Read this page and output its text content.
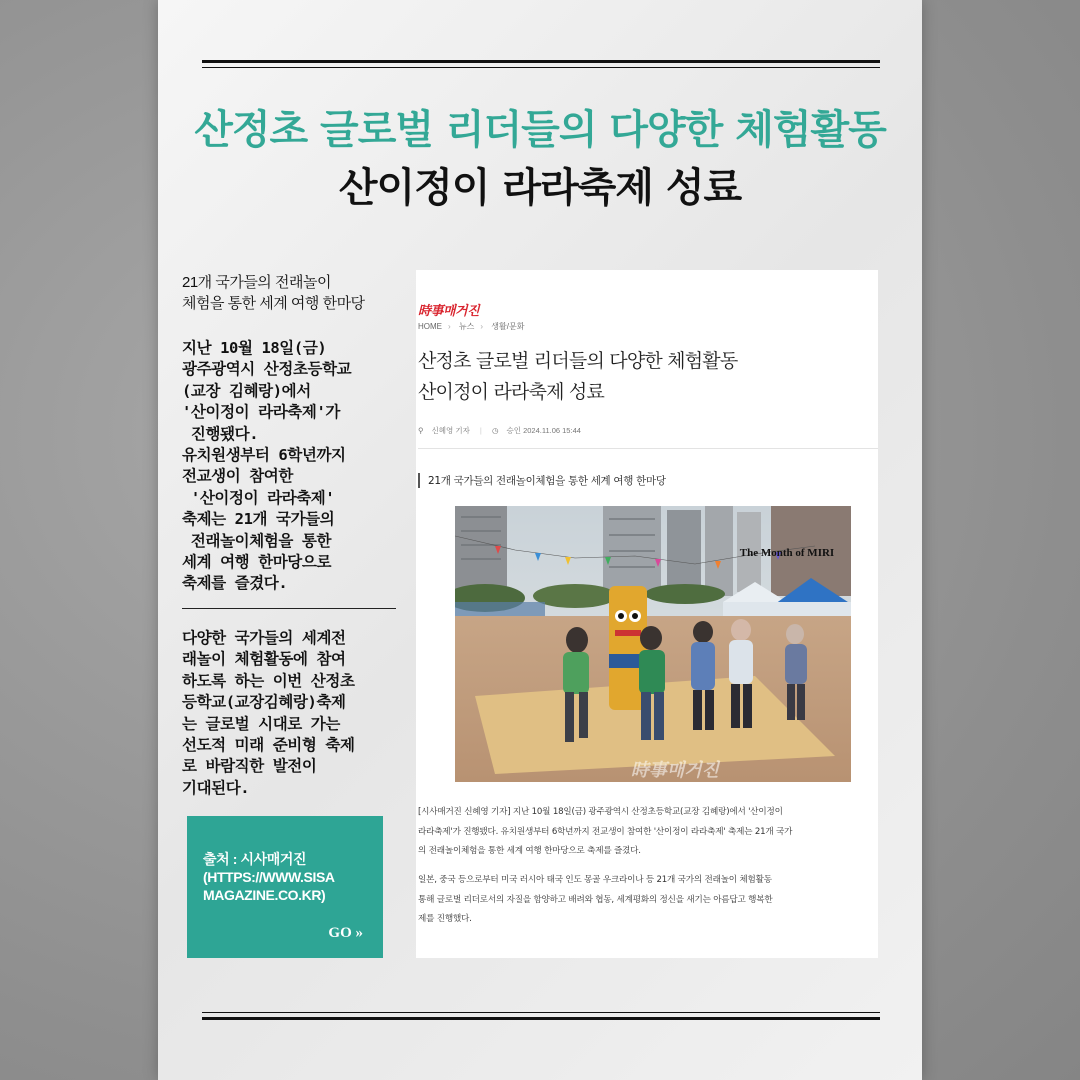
산정초 글로벌 리더들의 다양한 체험활동
산이정이 라라축제 성료
21개 국가들의 전래놀이
체험을 통한 세계 여행 한마당
지난 10월 18일(금)
광주광역시 산정초등학교
(교장 김혜랑)에서
'산이정이 라라축제'가
진행됐다.
유치원생부터 6학년까지
전교생이 참여한
'산이정이 라라축제'
축제는 21개 국가들의
전래놀이체험을 통한
세계 여행 한마당으로
축제를 즐겼다.
다양한 국가들의 세계전
래놀이 체험활동에 참여
하도록 하는 이번 산정초
등학교(교장김혜랑)축제
는 글로벌 시대로 가는
선도적 미래 준비형 축제
로 바람직한 발전이
기대된다.
출처 : 시사매거진
(HTTPS://WWW.SISA
MAGAZINE.CO.KR)
GO »
時事매거진
HOME › 뉴스 › 생활/문화
산정초 글로벌 리더들의 다양한 체험활동
산이정이 라라축제 성료
⚲ 신혜영 기자 | ◷ 승인 2024.11.06 15:44
21개 국가들의 전래놀이체험을 통한 세계 여행 한마당
The Month of MIRI
時事매거진
[시사매거진 신혜영 기자] 지난 10월 18일(금) 광주광역시 산정초등학교(교장 김혜랑)에서 '산이정이
라라축제'가 진행됐다. 유치원생부터 6학년까지 전교생이 참여한 '산이정이 라라축제' 축제는 21개 국가
의 전래놀이체험을 통한 세계 여행 한마당으로 축제를 즐겼다.
일본, 중국 등으로부터 미국 러시아 태국 인도 몽골 우크라이나 등 21개 국가의 전래놀이 체험활동
통해 글로벌 리더로서의 자질을 함양하고 배려와 협동, 세계평화의 정신을 새기는 아름답고 행복한
제를 진행했다.
